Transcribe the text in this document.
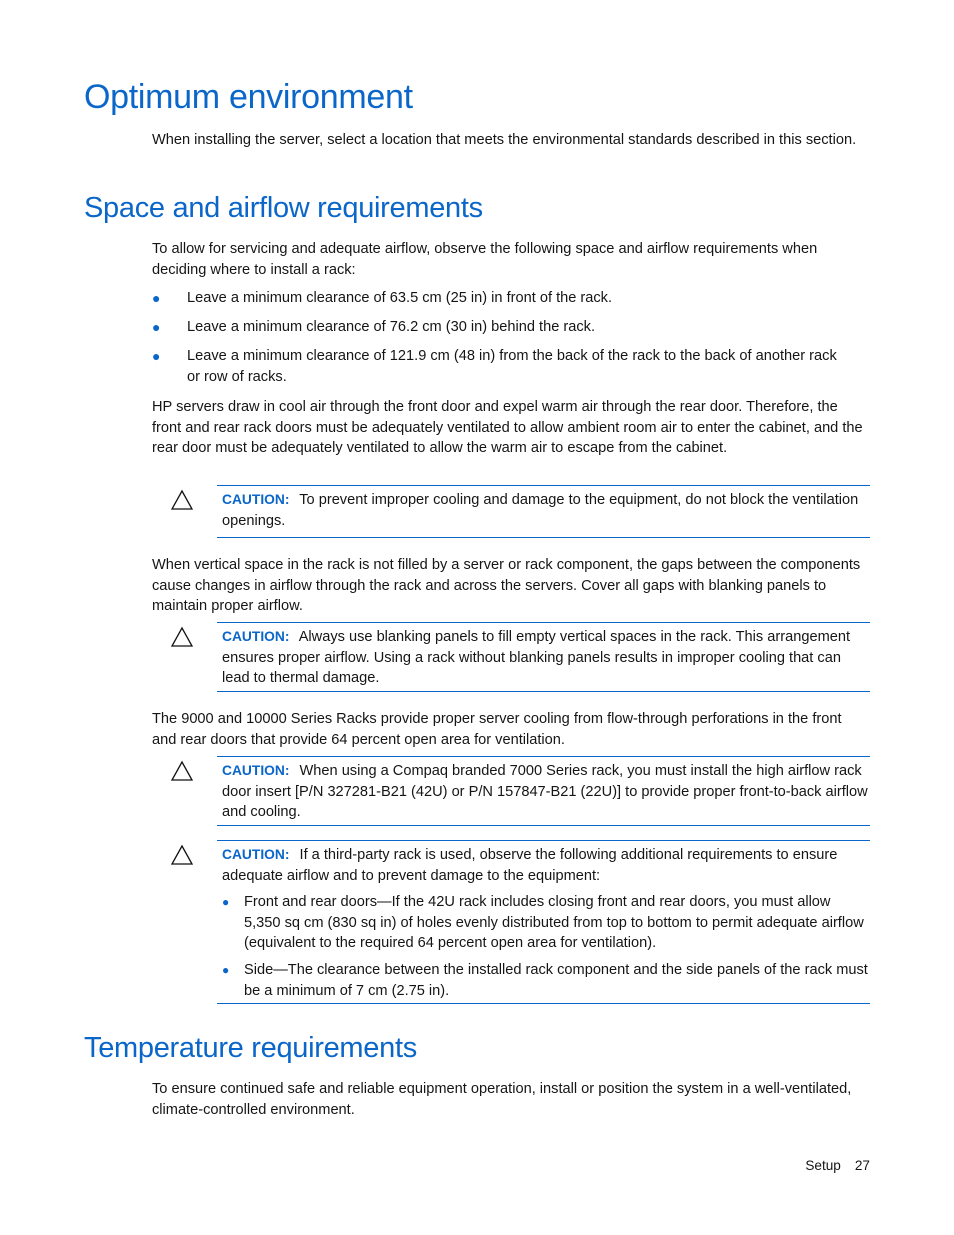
Optimum environment

When installing the server, select a location that meets the environmental standards described in this section.

Space and airflow requirements

To allow for servicing and adequate airflow, observe the following space and airflow requirements when deciding where to install a rack:

● Leave a minimum clearance of 63.5 cm (25 in) in front of the rack.
● Leave a minimum clearance of 76.2 cm (30 in) behind the rack.
● Leave a minimum clearance of 121.9 cm (48 in) from the back of the rack to the back of another rack or row of racks.

HP servers draw in cool air through the front door and expel warm air through the rear door. Therefore, the front and rear rack doors must be adequately ventilated to allow ambient room air to enter the cabinet, and the rear door must be adequately ventilated to allow the warm air to escape from the cabinet.

CAUTION: To prevent improper cooling and damage to the equipment, do not block the ventilation openings.

When vertical space in the rack is not filled by a server or rack component, the gaps between the components cause changes in airflow through the rack and across the servers. Cover all gaps with blanking panels to maintain proper airflow.

CAUTION: Always use blanking panels to fill empty vertical spaces in the rack. This arrangement ensures proper airflow. Using a rack without blanking panels results in improper cooling that can lead to thermal damage.

The 9000 and 10000 Series Racks provide proper server cooling from flow-through perforations in the front and rear doors that provide 64 percent open area for ventilation.

CAUTION: When using a Compaq branded 7000 Series rack, you must install the high airflow rack door insert [P/N 327281-B21 (42U) or P/N 157847-B21 (22U)] to provide proper front-to-back airflow and cooling.

CAUTION: If a third-party rack is used, observe the following additional requirements to ensure adequate airflow and to prevent damage to the equipment:

● Front and rear doors—If the 42U rack includes closing front and rear doors, you must allow 5,350 sq cm (830 sq in) of holes evenly distributed from top to bottom to permit adequate airflow (equivalent to the required 64 percent open area for ventilation).
● Side—The clearance between the installed rack component and the side panels of the rack must be a minimum of 7 cm (2.75 in).
Temperature requirements

To ensure continued safe and reliable equipment operation, install or position the system in a well-ventilated, climate-controlled environment.

Setup 27
